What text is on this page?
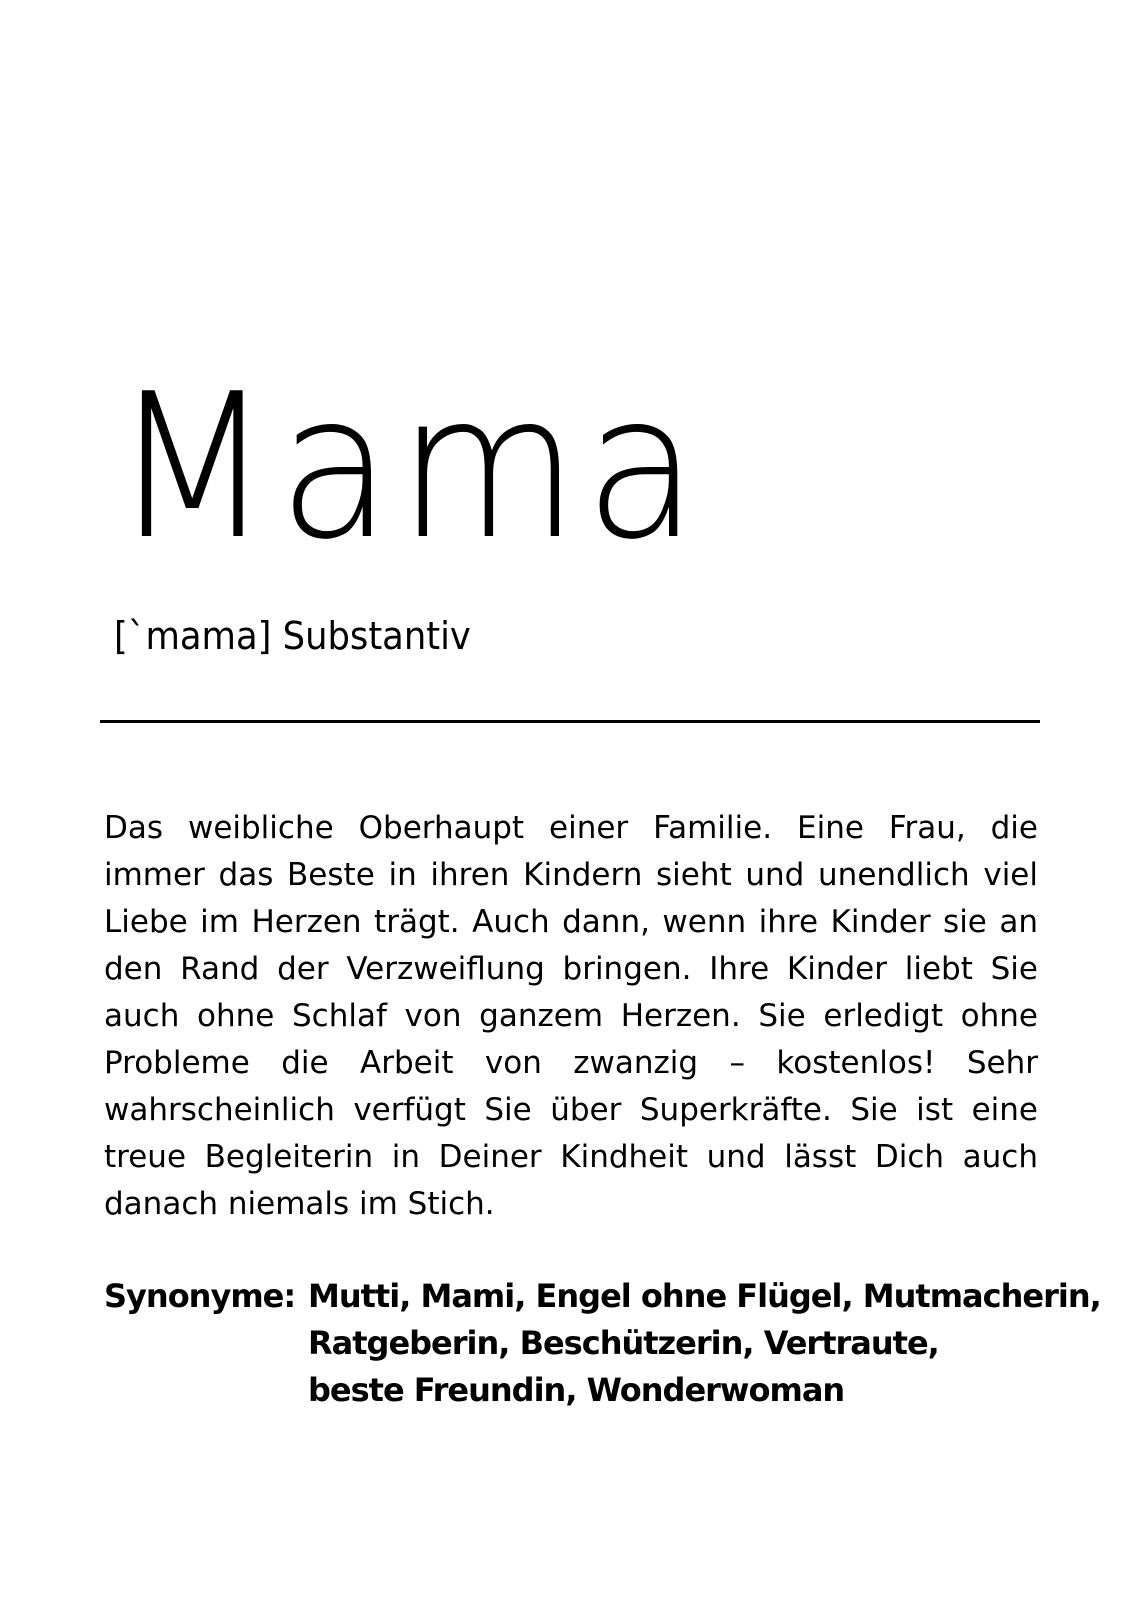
Mama
[`mama] Substantiv

Das weibliche Oberhaupt einer Familie. Eine Frau, die immer das Beste in ihren Kindern sieht und unendlich viel Liebe im Herzen trägt. Auch dann, wenn ihre Kinder sie an den Rand der Verzweiflung bringen. Ihre Kinder liebt Sie auch ohne Schlaf von ganzem Herzen. Sie erledigt ohne Probleme die Arbeit von zwanzig – kostenlos! Sehr wahrscheinlich verfügt Sie über Superkräfte. Sie ist eine treue Begleiterin in Deiner Kindheit und lässt Dich auch danach niemals im Stich.

Synonyme: Mutti, Mami, Engel ohne Flügel, Mutmacherin,
Ratgeberin, Beschützerin, Vertraute,
beste Freundin, Wonderwoman
